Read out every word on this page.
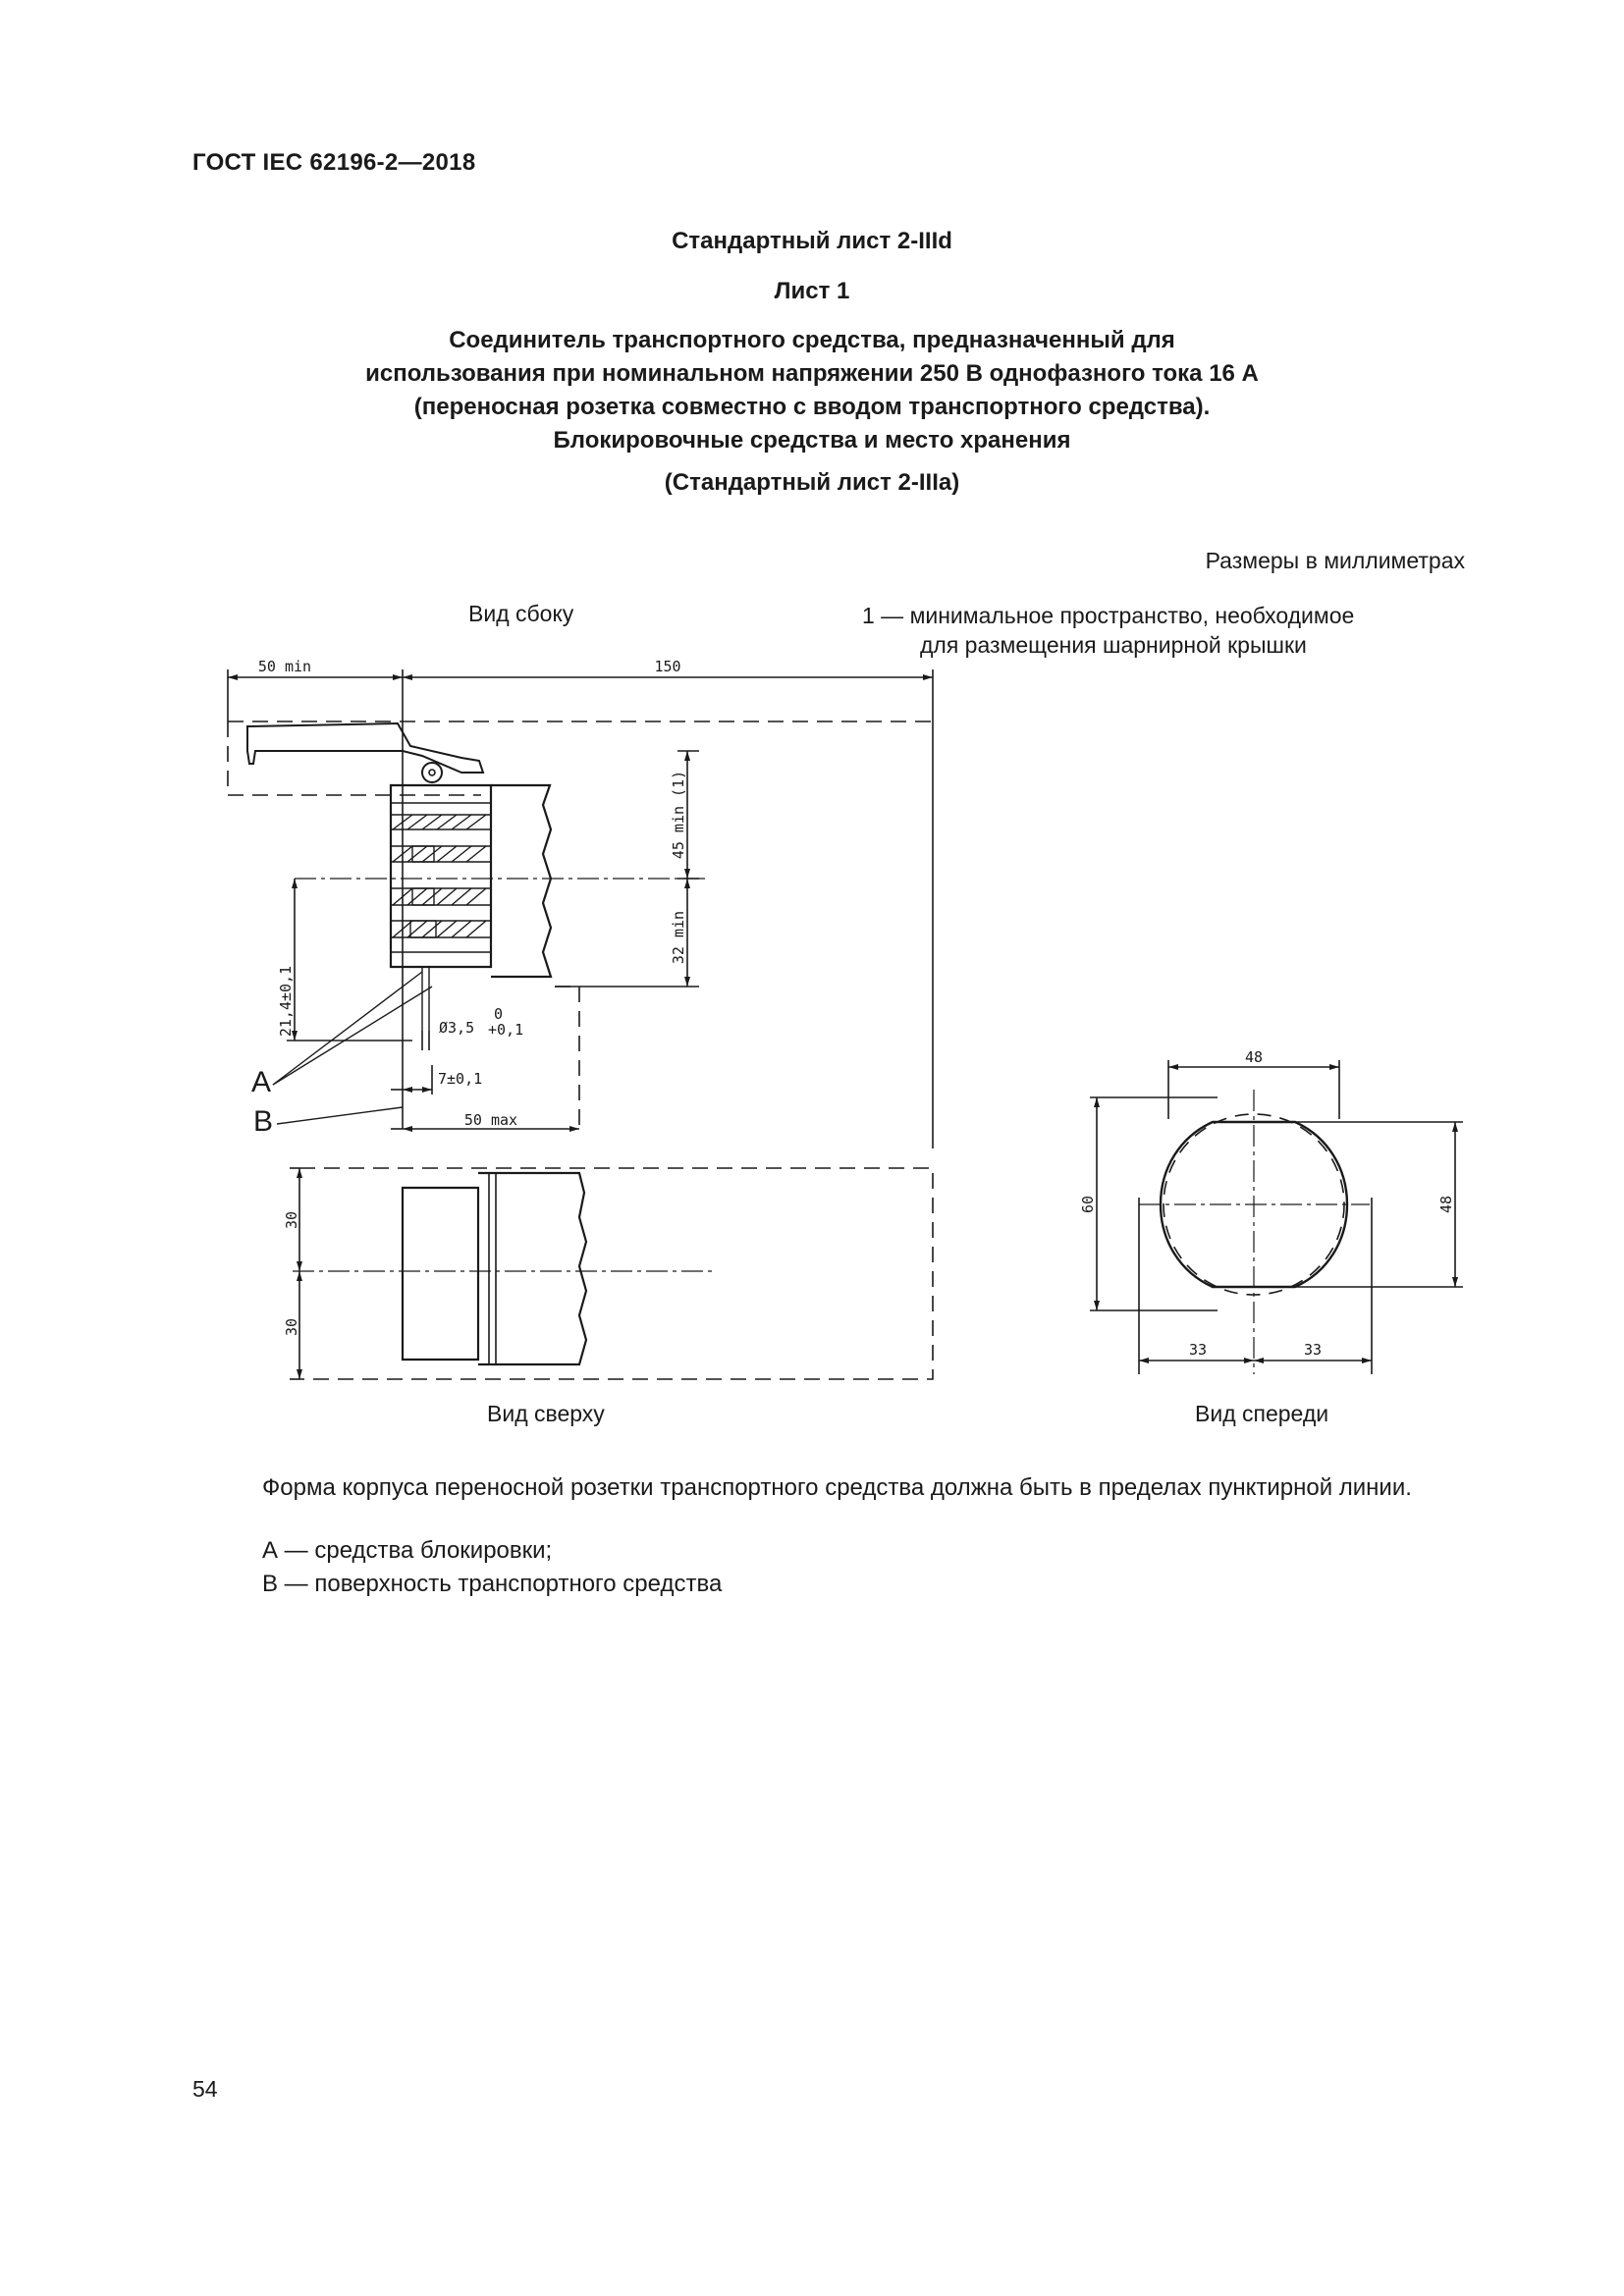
ГОСТ IEC 62196-2—2018
Стандартный лист 2-IIId
Лист 1
Соединитель транспортного средства, предназначенный для
использования при номинальном напряжении 250 В однофазного тока 16 А
(переносная розетка совместно с вводом транспортного средства).
Блокировочные средства и место хранения
(Стандартный лист 2-IIIa)
Размеры в миллиметрах
Вид сбоку	1 — минимальное пространство, необходимое
для размещения шарнирной крышки
50 min	150
45 min (1)
32 min
21,4±0,1	Ø3,5
0
+0,1
7±0,1
50 max
A
B
30
30
48
60	48
33	33
Вид сверху	Вид спереди
Форма корпуса переносной розетки транспортного средства должна быть в пределах пунктирной линии.
А — средства блокировки;
В — поверхность транспортного средства
54
